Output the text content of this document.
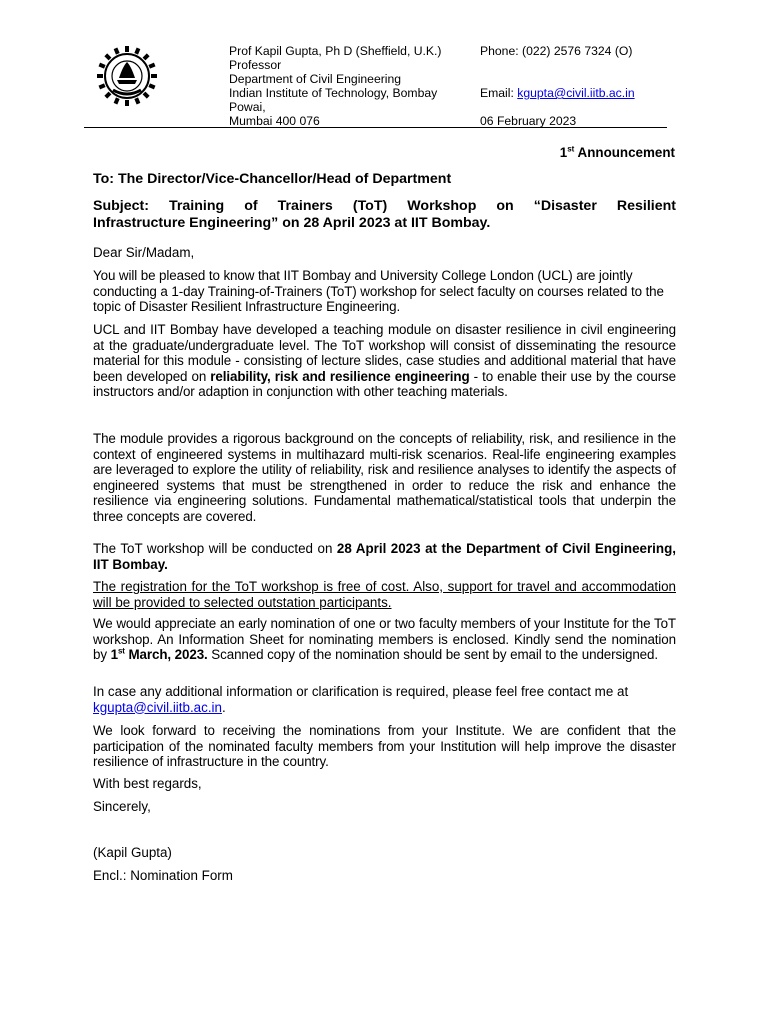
Prof Kapil Gupta, Ph D (Sheffield, U.K.)
Professor
Department of Civil Engineering
Indian Institute of Technology, Bombay
Powai,
Mumbai 400 076
Phone: (022) 2576 7324 (O)
Email: kgupta@civil.iitb.ac.in
06 February 2023
1st Announcement
To: The Director/Vice-Chancellor/Head of Department
Subject: Training of Trainers (ToT) Workshop on “Disaster Resilient
Infrastructure Engineering” on 28 April 2023 at IIT Bombay.
Dear Sir/Madam,
You will be pleased to know that IIT Bombay and University College London (UCL) are jointly conducting a 1-day Training-of-Trainers (ToT) workshop for select faculty on courses related to the topic of Disaster Resilient Infrastructure Engineering.
UCL and IIT Bombay have developed a teaching module on disaster resilience in civil engineering at the graduate/undergraduate level. The ToT workshop will consist of disseminating the resource material for this module - consisting of lecture slides, case studies and additional material that have been developed on reliability, risk and resilience engineering - to enable their use by the course instructors and/or adaption in conjunction with other teaching materials.
The module provides a rigorous background on the concepts of reliability, risk, and resilience in the context of engineered systems in multihazard multi-risk scenarios. Real-life engineering examples are leveraged to explore the utility of reliability, risk and resilience analyses to identify the aspects of engineered systems that must be strengthened in order to reduce the risk and enhance the resilience via engineering solutions. Fundamental mathematical/statistical tools that underpin the three concepts are covered.
The ToT workshop will be conducted on 28 April 2023 at the Department of Civil Engineering, IIT Bombay.
The registration for the ToT workshop is free of cost. Also, support for travel and accommodation will be provided to selected outstation participants.
We would appreciate an early nomination of one or two faculty members of your Institute for the ToT workshop. An Information Sheet for nominating members is enclosed. Kindly send the nomination by 1st March, 2023. Scanned copy of the nomination should be sent by email to the undersigned.
In case any additional information or clarification is required, please feel free contact me at kgupta@civil.iitb.ac.in.
We look forward to receiving the nominations from your Institute. We are confident that the participation of the nominated faculty members from your Institution will help improve the disaster resilience of infrastructure in the country.
With best regards,
Sincerely,
(Kapil Gupta)
Encl.: Nomination Form
